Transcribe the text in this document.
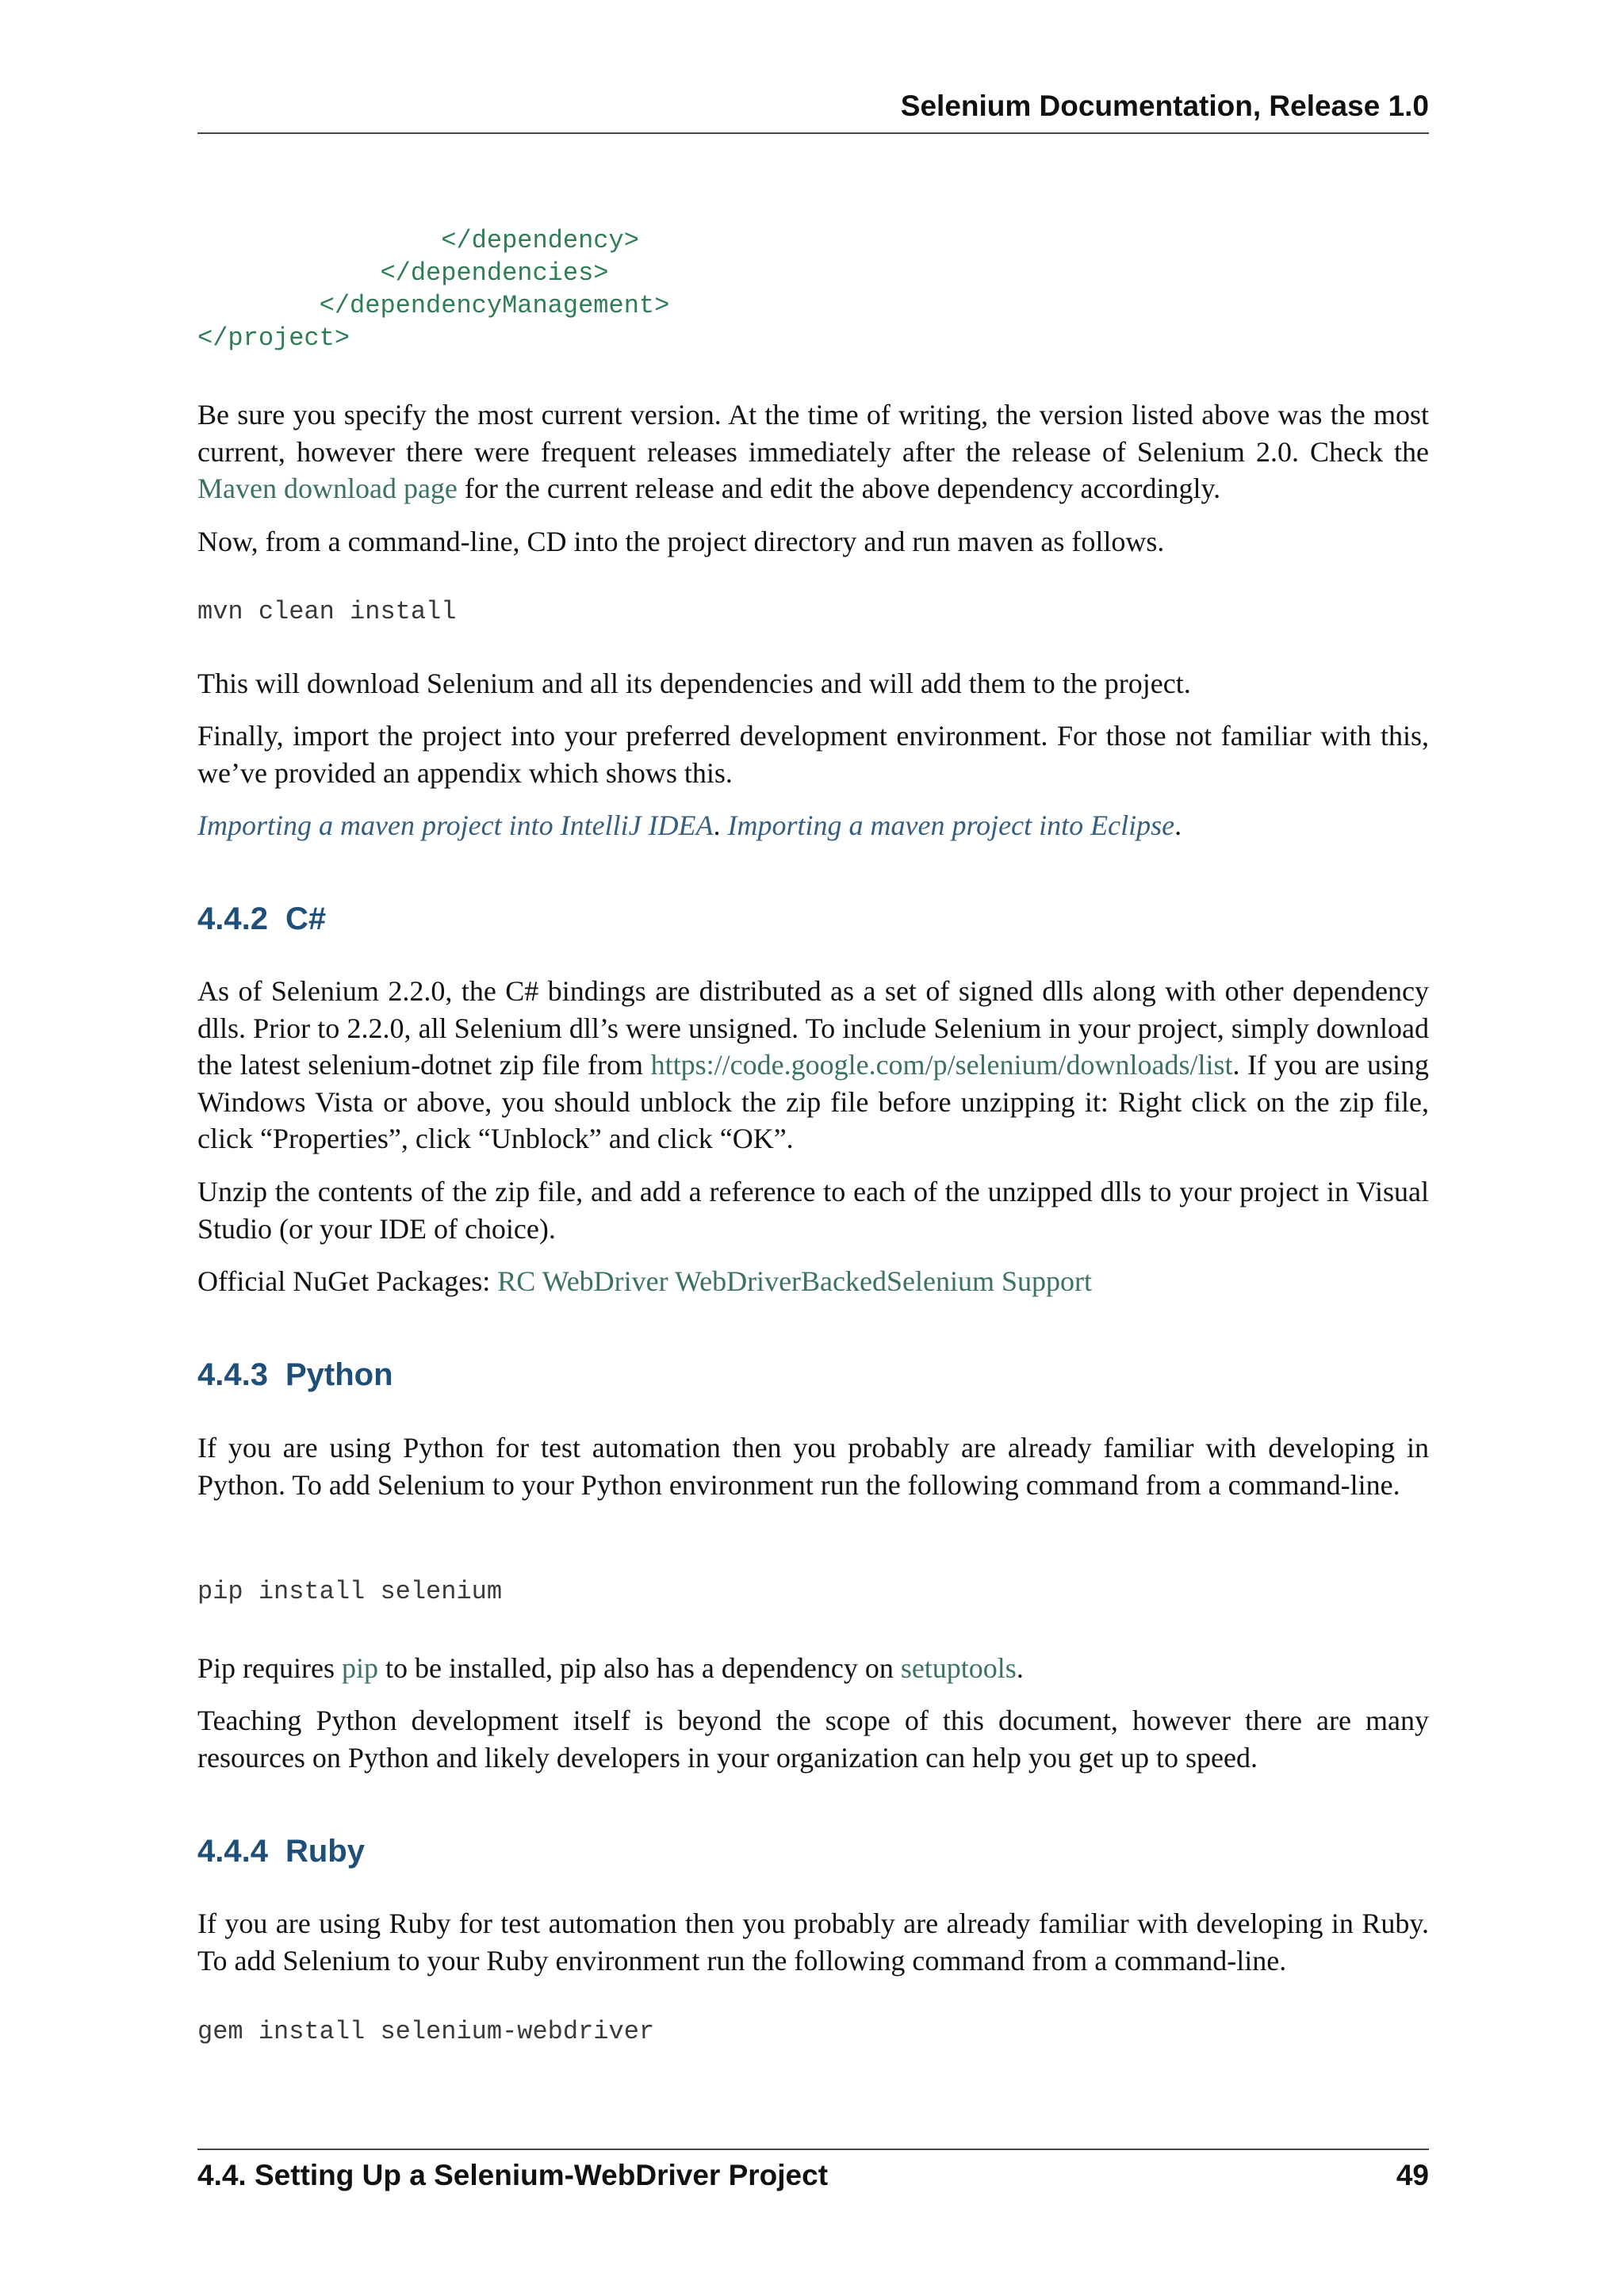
Selenium Documentation, Release 1.0
</dependency>
</dependencies>
</dependencyManagement>
</project>

Be sure you specify the most current version. At the time of writing, the version listed above was the most current, however there were frequent releases immediately after the release of Selenium 2.0. Check the Maven download page for the current release and edit the above dependency accordingly.

Now, from a command-line, CD into the project directory and run maven as follows.

mvn clean install

This will download Selenium and all its dependencies and will add them to the project.

Finally, import the project into your preferred development environment. For those not familiar with this, we’ve provided an appendix which shows this.

Importing a maven project into IntelliJ IDEA. Importing a maven project into Eclipse.

4.4.2 C#

As of Selenium 2.2.0, the C# bindings are distributed as a set of signed dlls along with other dependency dlls. Prior to 2.2.0, all Selenium dll’s were unsigned. To include Selenium in your project, simply download the latest selenium-dotnet zip file from https://code.google.com/p/selenium/downloads/list. If you are using Windows Vista or above, you should unblock the zip file before unzipping it: Right click on the zip file, click “Properties”, click “Unblock” and click “OK”.

Unzip the contents of the zip file, and add a reference to each of the unzipped dlls to your project in Visual Studio (or your IDE of choice).

Official NuGet Packages: RC WebDriver WebDriverBackedSelenium Support

4.4.3 Python

If you are using Python for test automation then you probably are already familiar with developing in Python. To add Selenium to your Python environment run the following command from a command-line.

pip install selenium

Pip requires pip to be installed, pip also has a dependency on setuptools.

Teaching Python development itself is beyond the scope of this document, however there are many resources on Python and likely developers in your organization can help you get up to speed.

4.4.4 Ruby

If you are using Ruby for test automation then you probably are already familiar with developing in Ruby. To add Selenium to your Ruby environment run the following command from a command-line.

gem install selenium-webdriver
4.4. Setting Up a Selenium-WebDriver Project	49
